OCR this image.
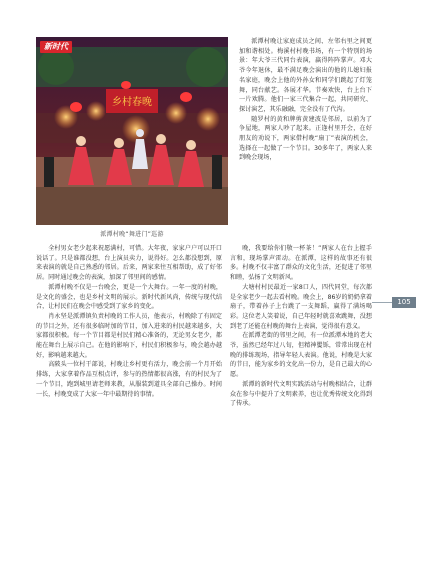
乡村春晚
新时代
派潭村晚“舞进门”巡游

派潭村晚让家庭成员之间、左邻右里之间更加和谐相处。梅溪村村晚书场，有一个特别的场景：年大爷三代同台表演，赢得阵阵掌声。邓大爷今年退休，最不满足晚会演出的他的儿媳妇报名家庭，晚会上他的外孙女和同学们跳起了灯笼舞，同台献艺。各展才华。节奏欢快，台上台下一片欢腾。他们一家三代集合一起，共同研究、探讨演艺，其乐融融，完全没有了代沟。

随罗村的黄和牌剪黄建波是邻居，以前为了争屋地，两家人吵了起来。正逢村里开会，在好朋友的劝说下，两家借村晚“扇丁”表演的机会，选择在一起做了一个节目。30多年了，两家人来到晚会现场，

全村男女老少起来祝愿满村，可惜。大年夜，家家户户可以开口说话了。只是谁都没想，台上演员卖力，说得好。怎么都没想到，原来表演的就是自己熟悉的邻居。后来，两家来往互相帮助，成了好邻居。同时通过晚会的表演，加深了邻里间的感情。

派潭村晚不仅是一台晚会，更是一个大舞台。一年一度的村晚，是文化的盛会，也是乡村文明的展示。新时代新风尚，传统与现代结合，让村民们在晚会中感受到了家乡的变化。

肖永坚是派潭镇负责村晚的工作人员，他表示，村晚除了有固定的节目之外，还有很多临时加的节目，加入进来的村民越来越多，大家都很积极。每一个节目都是村民们精心准备的，无论男女老少，都能在舞台上展示自己。在他的影响下，村民们积极参与，晚会越办越好，影响越来越大。

高陂头一位村干部说，村晚让乡村更有活力，晚会前一个月开始排练，大家拿着作品互相点评，参与的热情都很高涨，有的村民为了一个节目，跑到城里请老师来教，从服装到道具全部自己操办。时间一长，村晚变成了大家一年中最期待的事情。

晚，我要给你们敬一杯茶！”两家人在台上握手言和，现场掌声雷动。在派潭，这样的故事还有很多。村晚不仅丰富了群众的文化生活，还促进了邻里和睦，弘扬了文明新风。

大塘村村民最近一家8口人，四代同堂，每次都是全家老少一起去看村晚。晚会上，86岁的奶奶拿着扇子，带着孙子上台跳了一支舞蹈，赢得了满场喝彩。这位老人笑着说，自己年轻时就喜欢跳舞，没想到老了还能在村晚的舞台上表演，觉得很有意义。

在派潭老街的邻里之间，有一位派潭本地的老大爷，虽然已经年过八旬，但精神矍铄，常常出现在村晚的排练现场，指导年轻人表演。他说，村晚是大家的节日，能为家乡的文化出一份力，是自己最大的心愿。

派潭的新时代文明实践活动与村晚相结合，让群众在参与中提升了文明素养，也让优秀传统文化得到了传承。

105
